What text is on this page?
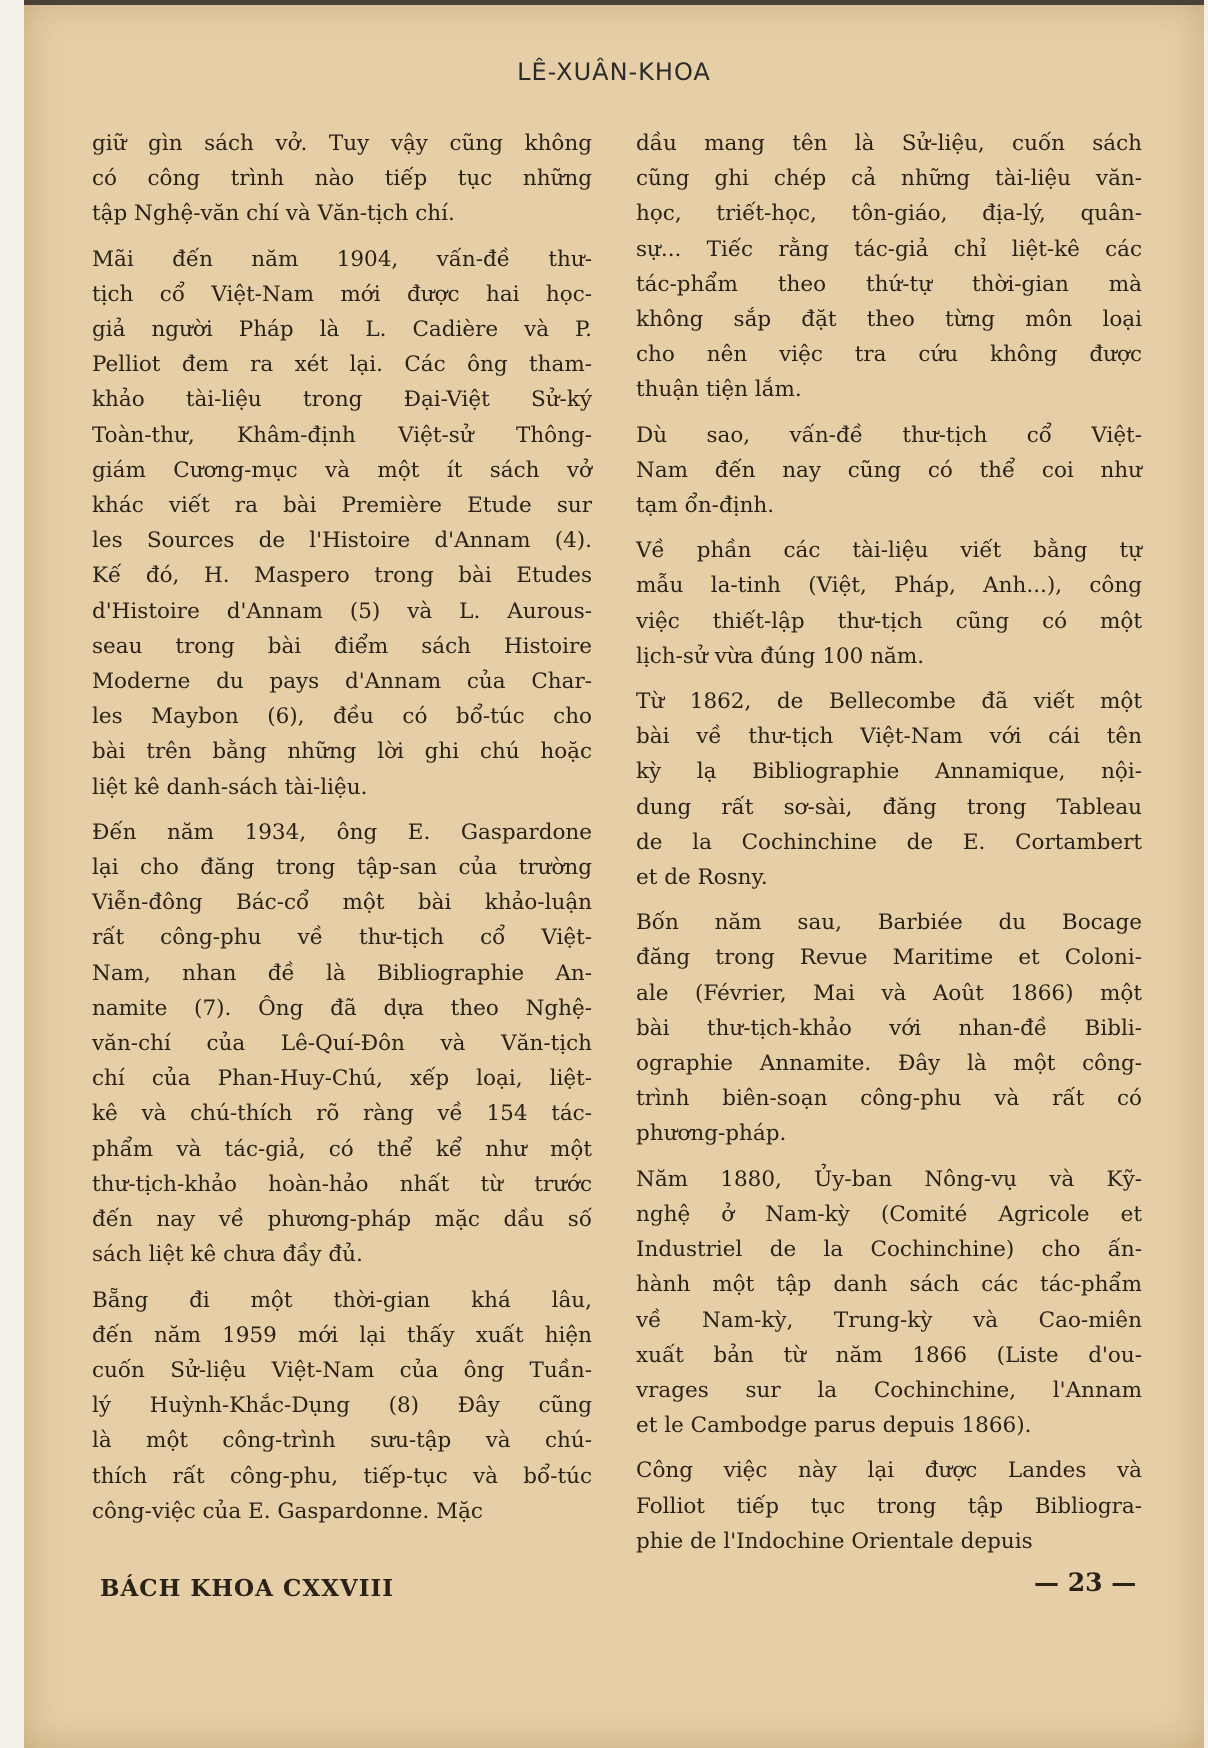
LÊ-XUÂN-KHOA

giữ gìn sách vở. Tuy vậy cũng không
có công trình nào tiếp tục những
tập Nghệ-văn chí và Văn-tịch chí.

Mãi đến năm 1904, vấn-đề thư-
tịch cổ Việt-Nam mới được hai học-
giả người Pháp là L. Cadière và P.
Pelliot đem ra xét lại. Các ông tham-
khảo tài-liệu trong Đại-Việt Sử-ký
Toàn-thư, Khâm-định Việt-sử Thông-
giám Cương-mục và một ít sách vở
khác viết ra bài Première Etude sur
les Sources de l'Histoire d'Annam (4).
Kế đó, H. Maspero trong bài Etudes
d'Histoire d'Annam (5) và L. Aurous-
seau trong bài điểm sách Histoire
Moderne du pays d'Annam của Char-
les Maybon (6), đều có bổ-túc cho
bài trên bằng những lời ghi chú hoặc
liệt kê danh-sách tài-liệu.

Đến năm 1934, ông E. Gaspardone
lại cho đăng trong tập-san của trường
Viễn-đông Bác-cổ một bài khảo-luận
rất công-phu về thư-tịch cổ Việt-
Nam, nhan đề là Bibliographie An-
namite (7). Ông đã dựa theo Nghệ-
văn-chí của Lê-Quí-Đôn và Văn-tịch
chí của Phan-Huy-Chú, xếp loại, liệt-
kê và chú-thích rõ ràng về 154 tác-
phẩm và tác-giả, có thể kể như một
thư-tịch-khảo hoàn-hảo nhất từ trước
đến nay về phương-pháp mặc dầu số
sách liệt kê chưa đầy đủ.

Bẵng đi một thời-gian khá lâu,
đến năm 1959 mới lại thấy xuất hiện
cuốn Sử-liệu Việt-Nam của ông Tuần-
lý Huỳnh-Khắc-Dụng (8) Đây cũng
là một công-trình sưu-tập và chú-
thích rất công-phu, tiếp-tục và bổ-túc
công-việc của E. Gaspardonne. Mặc

dầu mang tên là Sử-liệu, cuốn sách
cũng ghi chép cả những tài-liệu văn-
học, triết-học, tôn-giáo, địa-lý, quân-
sự... Tiếc rằng tác-giả chỉ liệt-kê các
tác-phẩm theo thứ-tự thời-gian mà
không sắp đặt theo từng môn loại
cho nên việc tra cứu không được
thuận tiện lắm.

Dù sao, vấn-đề thư-tịch cổ Việt-
Nam đến nay cũng có thể coi như
tạm ổn-định.

Về phần các tài-liệu viết bằng tự
mẫu la-tinh (Việt, Pháp, Anh...), công
việc thiết-lập thư-tịch cũng có một
lịch-sử vừa đúng 100 năm.

Từ 1862, de Bellecombe đã viết một
bài về thư-tịch Việt-Nam với cái tên
kỳ lạ Bibliographie Annamique, nội-
dung rất sơ-sài, đăng trong Tableau
de la Cochinchine de E. Cortambert
et de Rosny.

Bốn năm sau, Barbiée du Bocage
đăng trong Revue Maritime et Coloni-
ale (Février, Mai và Août 1866) một
bài thư-tịch-khảo với nhan-đề Bibli-
ographie Annamite. Đây là một công-
trình biên-soạn công-phu và rất có
phương-pháp.

Năm 1880, Ủy-ban Nông-vụ và Kỹ-
nghệ ở Nam-kỳ (Comité Agricole et
Industriel de la Cochinchine) cho ấn-
hành một tập danh sách các tác-phẩm
về Nam-kỳ, Trung-kỳ và Cao-miên
xuất bản từ năm 1866 (Liste d'ou-
vrages sur la Cochinchine, l'Annam
et le Cambodge parus depuis 1866).

Công việc này lại được Landes và
Folliot tiếp tục trong tập Bibliogra-
phie de l'Indochine Orientale depuis

BÁCH KHOA CXXVIII	— 23 —
